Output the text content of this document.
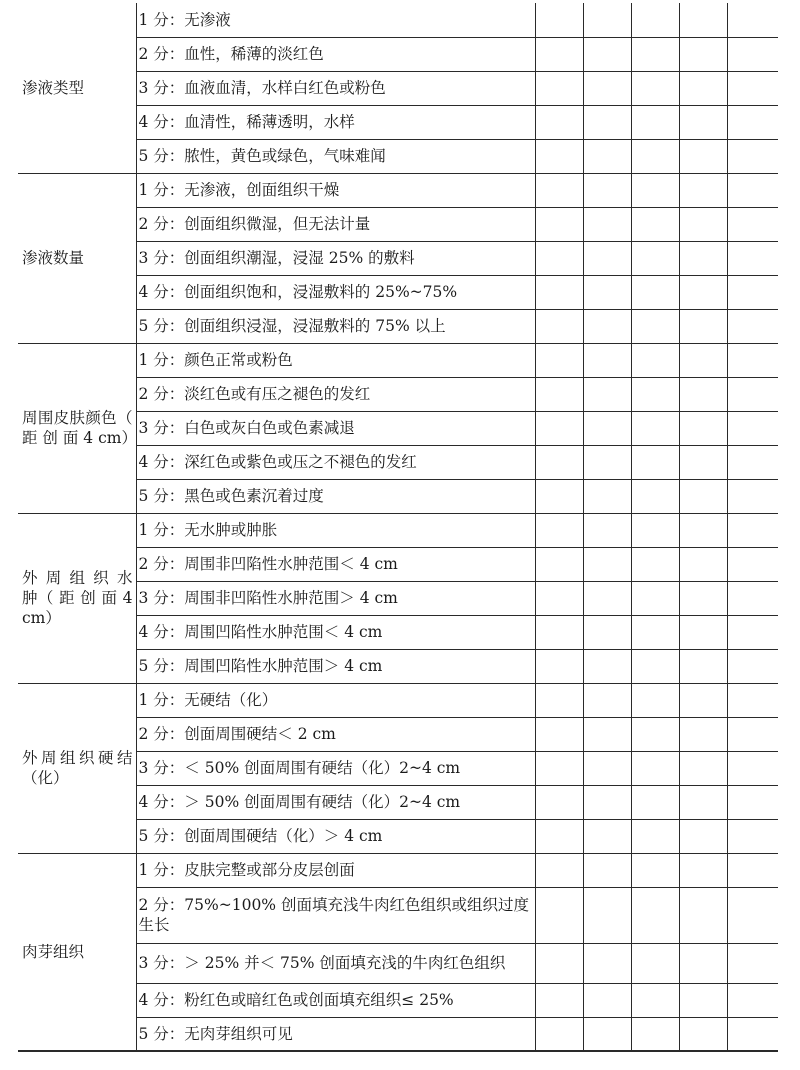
渗液类型	1 分：无渗液					
	2 分：血性，稀薄的淡红色					
	3 分：血液血清，水样白红色或粉色					
	4 分：血清性，稀薄透明，水样					
	5 分：脓性，黄色或绿色，气味难闻					
渗液数量	1 分：无渗液，创面组织干燥					
	2 分：创面组织微湿，但无法计量					
	3 分：创面组织潮湿，浸湿 25% 的敷料					
	4 分：创面组织饱和，浸湿敷料的 25%~75%					
	5 分：创面组织浸湿，浸湿敷料的 75% 以上					
周围皮肤颜色（ 距 创 面 4 cm）	1 分：颜色正常或粉色					
	2 分：淡红色或有压之褪色的发红					
	3 分：白色或灰白色或色素减退					
	4 分：深红色或紫色或压之不褪色的发红					
	5 分：黑色或色素沉着过度					
外 周 组 织 水 肿（ 距 创 面 4 cm）	1 分：无水肿或肿胀					
	2 分：周围非凹陷性水肿范围＜ 4 cm					
	3 分：周围非凹陷性水肿范围＞ 4 cm					
	4 分：周围凹陷性水肿范围＜ 4 cm					
	5 分：周围凹陷性水肿范围＞ 4 cm					
外周组织硬结（化）	1 分：无硬结（化）					
	2 分：创面周围硬结＜ 2 cm					
	3 分：＜ 50% 创面周围有硬结（化）2~4 cm					
	4 分：＞ 50% 创面周围有硬结（化）2~4 cm					
	5 分：创面周围硬结（化）＞ 4 cm					
肉芽组织	1 分：皮肤完整或部分皮层创面					
	2 分：75%~100% 创面填充浅牛肉红色组织或组织过度生长					
	3 分：＞ 25% 并＜ 75% 创面填充浅的牛肉红色组织					
	4 分：粉红色或暗红色或创面填充组织≤ 25%					
	5 分：无肉芽组织可见					
